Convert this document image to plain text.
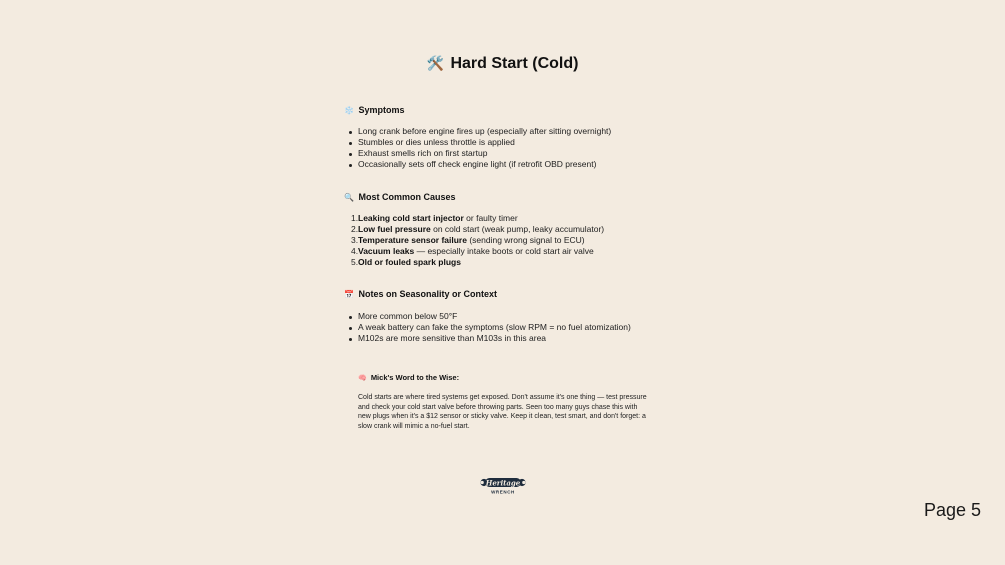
🛠️ Hard Start (Cold)
❄️ Symptoms
Long crank before engine fires up (especially after sitting overnight)
Stumbles or dies unless throttle is applied
Exhaust smells rich on first startup
Occasionally sets off check engine light (if retrofit OBD present)
🔍 Most Common Causes
1. Leaking cold start injector or faulty timer
2. Low fuel pressure on cold start (weak pump, leaky accumulator)
3. Temperature sensor failure (sending wrong signal to ECU)
4. Vacuum leaks — especially intake boots or cold start air valve
5. Old or fouled spark plugs
📅 Notes on Seasonality or Context
More common below 50°F
A weak battery can fake the symptoms (slow RPM = no fuel atomization)
M102s are more sensitive than M103s in this area
🧠 Mick's Word to the Wise:
Cold starts are where tired systems get exposed. Don't assume it's one thing — test pressure and check your cold start valve before throwing parts. Seen too many guys chase this with new plugs when it's a $12 sensor or sticky valve. Keep it clean, test smart, and don't forget: a slow crank will mimic a no-fuel start.
Heritage
WRENCH
Page 5
